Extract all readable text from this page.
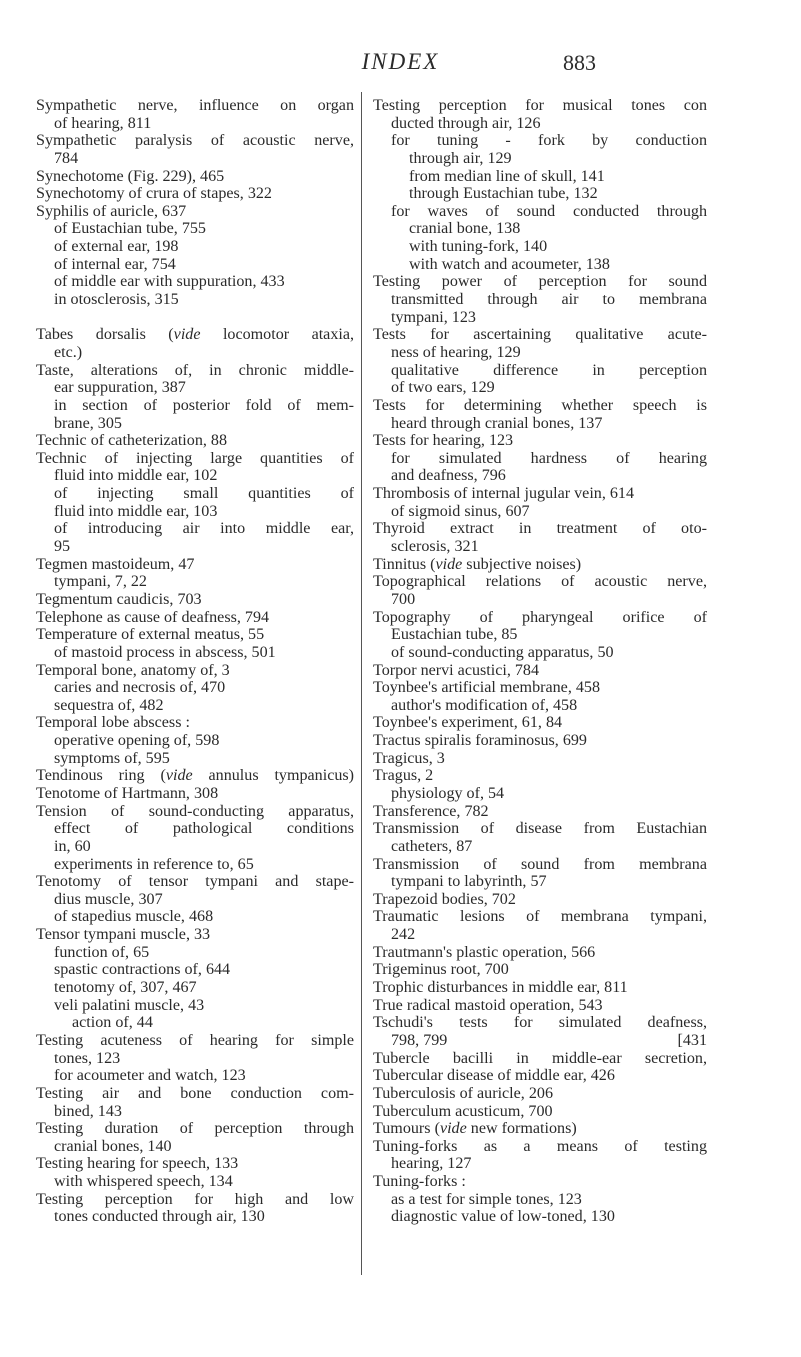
INDEX	883
Sympathetic nerve, influence on organ
of hearing, 811
Sympathetic paralysis of acoustic nerve,
784
Synechotome (Fig. 229), 465
Synechotomy of crura of stapes, 322
Syphilis of auricle, 637
of Eustachian tube, 755
of external ear, 198
of internal ear, 754
of middle ear with suppuration, 433
in otosclerosis, 315
Tabes dorsalis (vide locomotor ataxia,
etc.)
Taste, alterations of, in chronic middle-
ear suppuration, 387
in section of posterior fold of mem-
brane, 305
Technic of catheterization, 88
Technic of injecting large quantities of
fluid into middle ear, 102
of injecting small quantities of
fluid into middle ear, 103
of introducing air into middle ear,
95
Tegmen mastoideum, 47
tympani, 7, 22
Tegmentum caudicis, 703
Telephone as cause of deafness, 794
Temperature of external meatus, 55
of mastoid process in abscess, 501
Temporal bone, anatomy of, 3
caries and necrosis of, 470
sequestra of, 482
Temporal lobe abscess :
operative opening of, 598
symptoms of, 595
Tendinous ring (vide annulus tympanicus)
Tenotome of Hartmann, 308
Tension of sound-conducting apparatus,
effect of pathological conditions
in, 60
experiments in reference to, 65
Tenotomy of tensor tympani and stape-
dius muscle, 307
of stapedius muscle, 468
Tensor tympani muscle, 33
function of, 65
spastic contractions of, 644
tenotomy of, 307, 467
veli palatini muscle, 43
action of, 44
Testing acuteness of hearing for simple
tones, 123
for acoumeter and watch, 123
Testing air and bone conduction com-
bined, 143
Testing duration of perception through
cranial bones, 140
Testing hearing for speech, 133
with whispered speech, 134
Testing perception for high and low
tones conducted through air, 130
Testing perception for musical tones con
ducted through air, 126
for tuning - fork by conduction
through air, 129
from median line of skull, 141
through Eustachian tube, 132
for waves of sound conducted through
cranial bone, 138
with tuning-fork, 140
with watch and acoumeter, 138
Testing power of perception for sound
transmitted through air to membrana
tympani, 123
Tests for ascertaining qualitative acute-
ness of hearing, 129
qualitative difference in perception
of two ears, 129
Tests for determining whether speech is
heard through cranial bones, 137
Tests for hearing, 123
for simulated hardness of hearing
and deafness, 796
Thrombosis of internal jugular vein, 614
of sigmoid sinus, 607
Thyroid extract in treatment of oto-
sclerosis, 321
Tinnitus (vide subjective noises)
Topographical relations of acoustic nerve,
700
Topography of pharyngeal orifice of
Eustachian tube, 85
of sound-conducting apparatus, 50
Torpor nervi acustici, 784
Toynbee's artificial membrane, 458
author's modification of, 458
Toynbee's experiment, 61, 84
Tractus spiralis foraminosus, 699
Tragicus, 3
Tragus, 2
physiology of, 54
Transference, 782
Transmission of disease from Eustachian
catheters, 87
Transmission of sound from membrana
tympani to labyrinth, 57
Trapezoid bodies, 702
Traumatic lesions of membrana tympani,
242
Trautmann's plastic operation, 566
Trigeminus root, 700
Trophic disturbances in middle ear, 811
True radical mastoid operation, 543
Tschudi's tests for simulated deafness,
798, 799	[431
Tubercle bacilli in middle-ear secretion,
Tubercular disease of middle ear, 426
Tuberculosis of auricle, 206
Tuberculum acusticum, 700
Tumours (vide new formations)
Tuning-forks as a means of testing
hearing, 127
Tuning-forks :
as a test for simple tones, 123
diagnostic value of low-toned, 130
